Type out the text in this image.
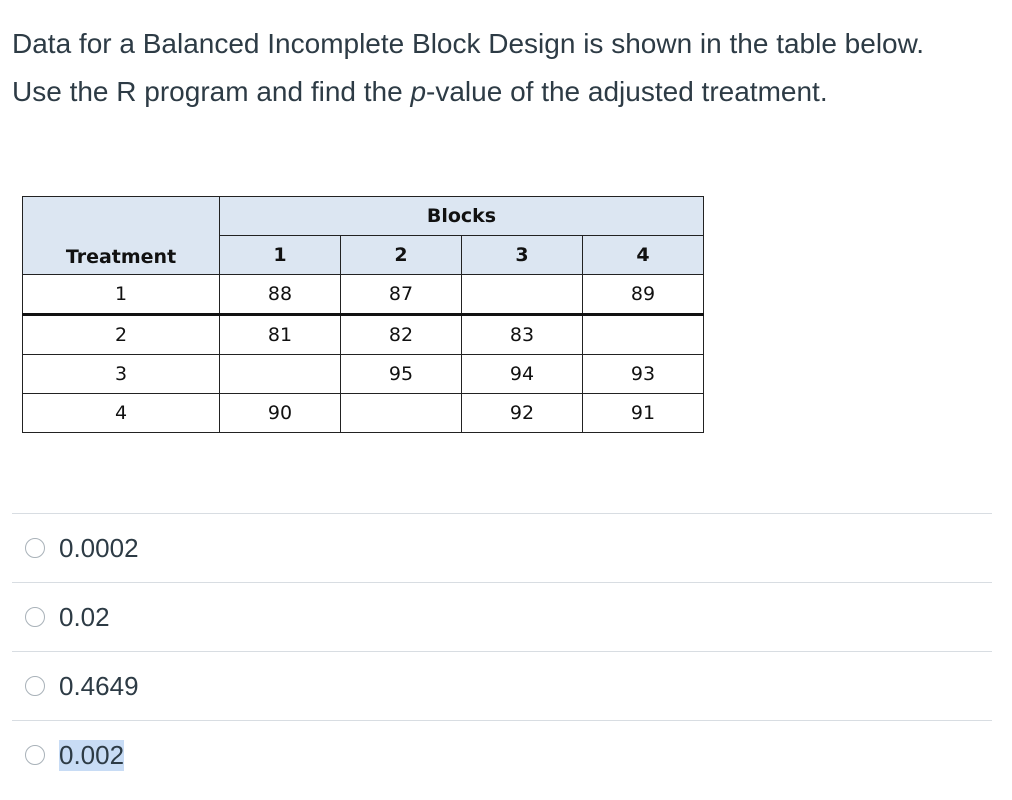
Data for a Balanced Incomplete Block Design is shown in the table below. Use the R program and find the p-value of the adjusted treatment.
Treatment	Blocks			
	1	2	3	4
1	88	87		89
2	81	82	83	
3		95	94	93
4	90		92	91
0.0002
0.02
0.4649
0.002
